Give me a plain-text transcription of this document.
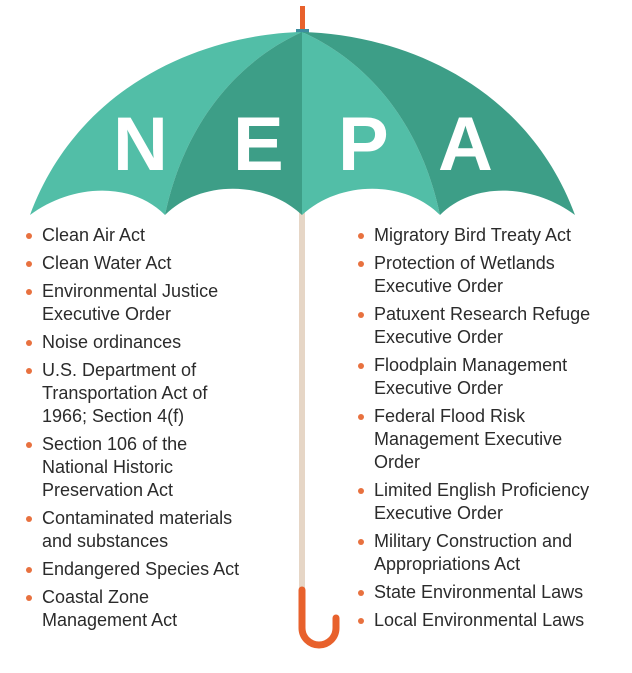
N E P A
Clean Air Act
Clean Water Act
Environmental Justice Executive Order
Noise ordinances
U.S. Department of Transportation Act of 1966; Section 4(f)
Section 106 of the National Historic Preservation Act
Contaminated materials and substances
Endangered Species Act
Coastal Zone Management Act
Migratory Bird Treaty Act
Protection of Wetlands Executive Order
Patuxent Research Refuge Executive Order
Floodplain Management Executive Order
Federal Flood Risk Management Executive Order
Limited English Proficiency Executive Order
Military Construction and Appropriations Act
State Environmental Laws
Local Environmental Laws
